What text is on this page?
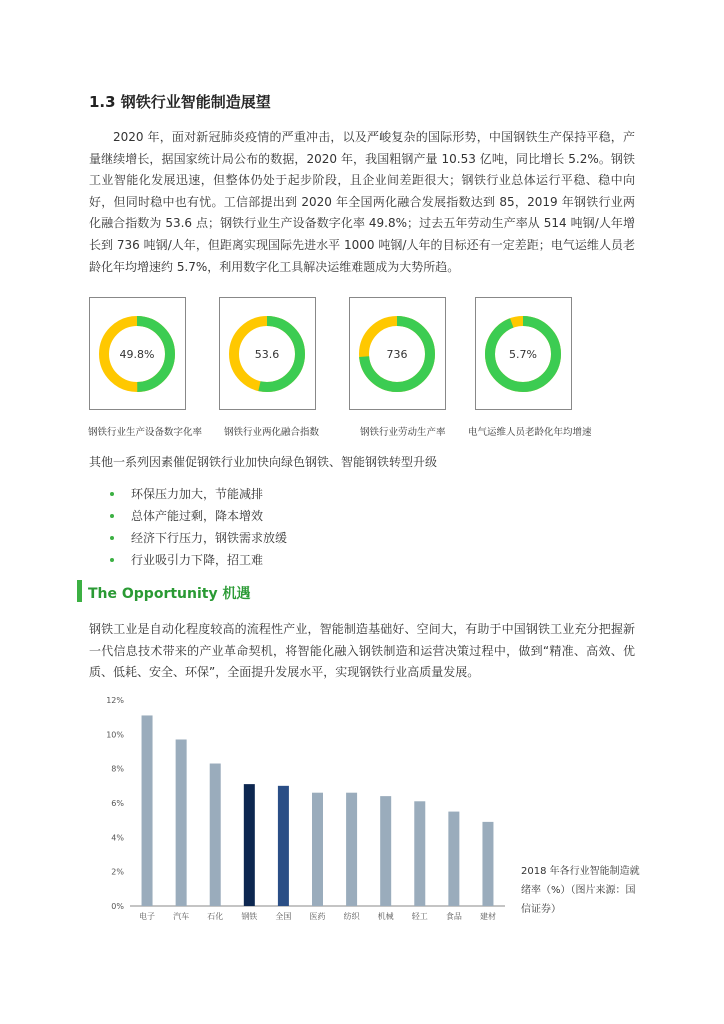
1.3 钢铁行业智能制造展望
2020 年，面对新冠肺炎疫情的严重冲击，以及严峻复杂的国际形势，中国钢铁生产保持平稳，产量继续增长，据国家统计局公布的数据，2020 年，我国粗钢产量 10.53 亿吨，同比增长 5.2%。钢铁工业智能化发展迅速，但整体仍处于起步阶段，且企业间差距很大；钢铁行业总体运行平稳、稳中向好，但同时稳中也有忧。工信部提出到 2020 年全国两化融合发展指数达到 85，2019 年钢铁行业两化融合指数为 53.6 点；钢铁行业生产设备数字化率 49.8%；过去五年劳动生产率从 514 吨钢/人年增长到 736 吨钢/人年，但距离实现国际先进水平 1000 吨钢/人年的目标还有一定差距；电气运维人员老龄化年均增速约 5.7%，利用数字化工具解决运维难题成为大势所趋。
49.8%
钢铁行业生产设备数字化率
53.6
钢铁行业两化融合指数
736
钢铁行业劳动生产率
5.7%
电气运维人员老龄化年均增速
其他一系列因素催促钢铁行业加快向绿色钢铁、智能钢铁转型升级
环保压力加大，节能减排
总体产能过剩，降本增效
经济下行压力，钢铁需求放缓
行业吸引力下降，招工难
The Opportunity 机遇
钢铁工业是自动化程度较高的流程性产业，智能制造基础好、空间大，有助于中国钢铁工业充分把握新一代信息技术带来的产业革命契机，将智能化融入钢铁制造和运营决策过程中，做到“精准、高效、优质、低耗、安全、环保”，全面提升发展水平，实现钢铁行业高质量发展。
0%
2%
4%
6%
8%
10%
12%
电子 汽车 石化 钢铁 全国 医药 纺织 机械 轻工 食品 建材
2018 年各行业智能制造就绪率（%）（图片来源：国信证券）
